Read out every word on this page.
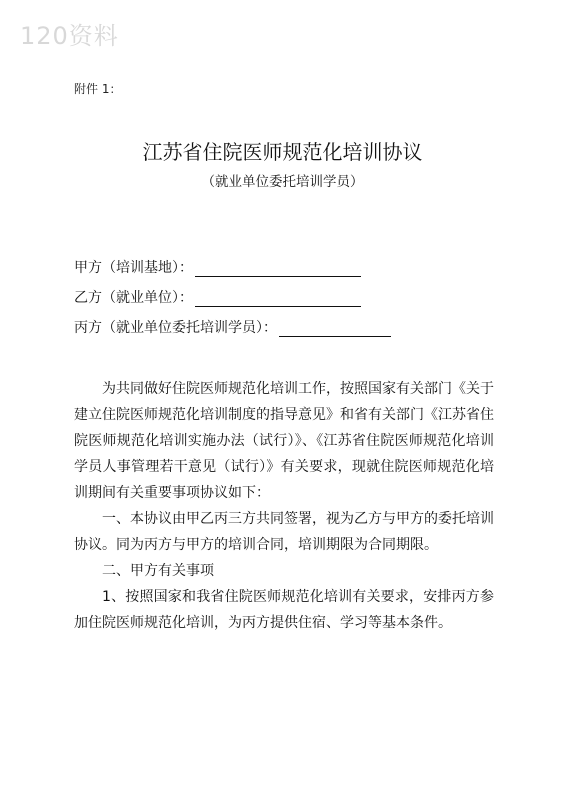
120资料
附件 1：
江苏省住院医师规范化培训协议
（就业单位委托培训学员）
甲方（培训基地）：
乙方（就业单位）：
丙方（就业单位委托培训学员）：

为共同做好住院医师规范化培训工作，按照国家有关部门《关于建立住院医师规范化培训制度的指导意见》和省有关部门《江苏省住院医师规范化培训实施办法（试行）》、《江苏省住院医师规范化培训学员人事管理若干意见（试行）》有关要求，现就住院医师规范化培训期间有关重要事项协议如下：

一、本协议由甲乙丙三方共同签署，视为乙方与甲方的委托培训协议。同为丙方与甲方的培训合同，培训期限为合同期限。

二、甲方有关事项

1、按照国家和我省住院医师规范化培训有关要求，安排丙方参加住院医师规范化培训，为丙方提供住宿、学习等基本条件。
